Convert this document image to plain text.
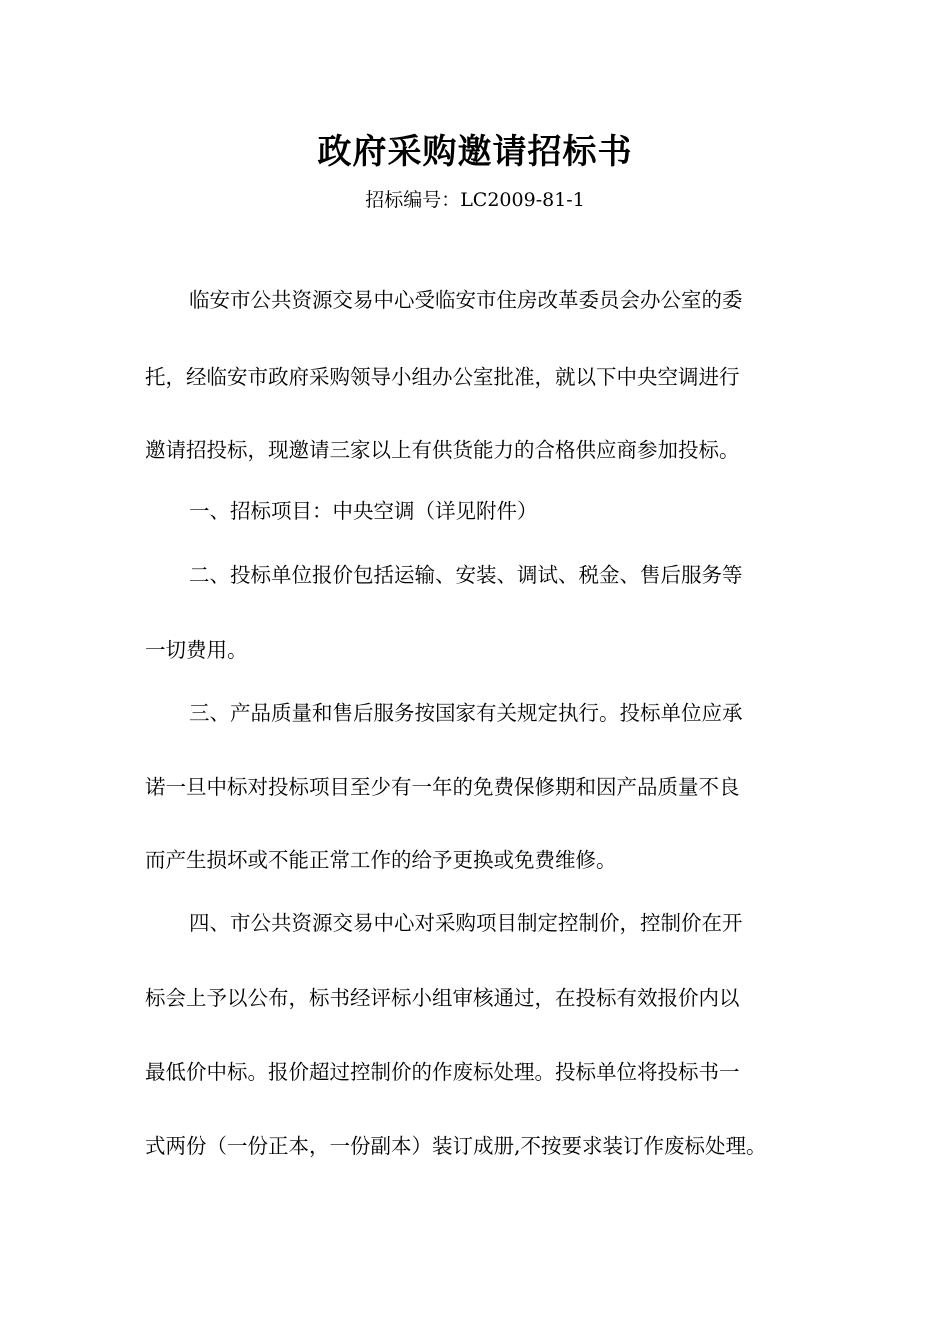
政府采购邀请招标书
招标编号：LC2009-81-1
临安市公共资源交易中心受临安市住房改革委员会办公室的委
托，经临安市政府采购领导小组办公室批准，就以下中央空调进行
邀请招投标，现邀请三家以上有供货能力的合格供应商参加投标。
一、招标项目：中央空调（详见附件）
二、投标单位报价包括运输、安装、调试、税金、售后服务等
一切费用。
三、产品质量和售后服务按国家有关规定执行。投标单位应承
诺一旦中标对投标项目至少有一年的免费保修期和因产品质量不良
而产生损坏或不能正常工作的给予更换或免费维修。
四、市公共资源交易中心对采购项目制定控制价，控制价在开
标会上予以公布，标书经评标小组审核通过，在投标有效报价内以
最低价中标。报价超过控制价的作废标处理。投标单位将投标书一
式两份（一份正本，一份副本）装订成册,不按要求装订作废标处理。
